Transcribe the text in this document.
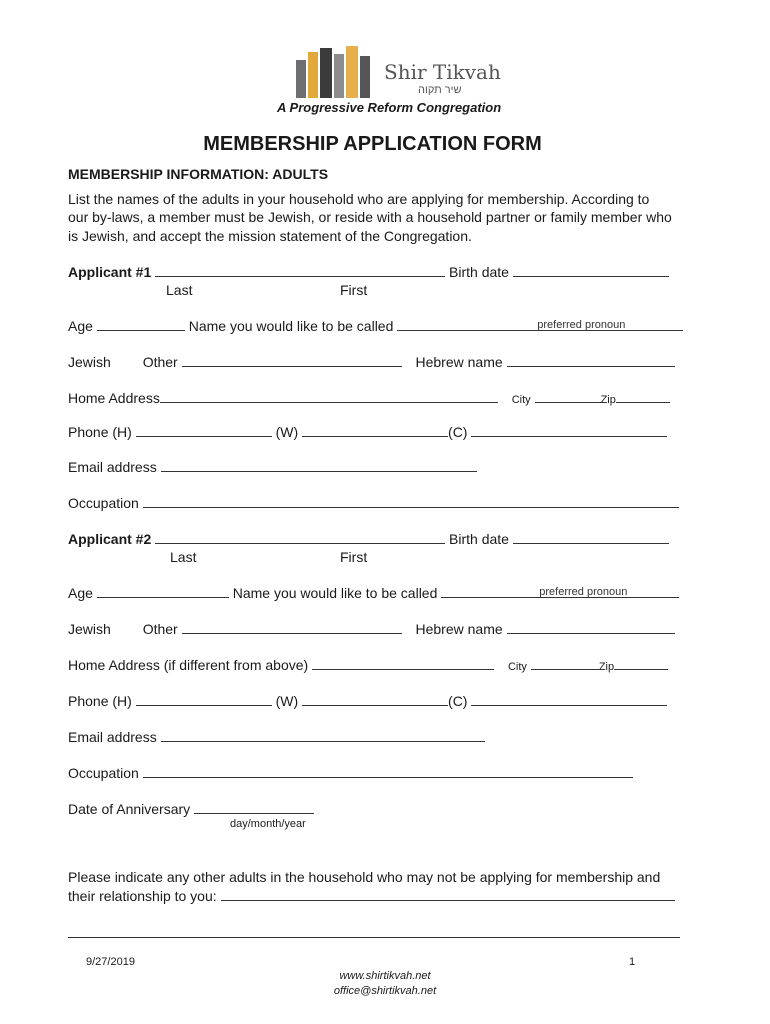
Shir Tikvah
שיר תקוה
A Progressive Reform Congregation
MEMBERSHIP APPLICATION FORM
MEMBERSHIP INFORMATION: ADULTS
List the names of the adults in your household who are applying for membership. According to
our by-laws, a member must be Jewish, or reside with a household partner or family member who
is Jewish, and accept the mission statement of the Congregation.
Applicant #1	Birth date
Last	First
Age	Name you would like to be called	preferred pronoun
Jewish Other	Hebrew name
Home Address	City	Zip
Phone (H)	(W)	(C)
Email address
Occupation
Applicant #2	Birth date
Last	First
Age	Name you would like to be called	preferred pronoun
Jewish Other	Hebrew name
Home Address (if different from above)	City	Zip
Phone (H)	(W)	(C)
Email address
Occupation
Date of Anniversary
day/month/year
Please indicate any other adults in the household who may not be applying for membership and
their relationship to you:
9/27/2019	1
www.shirtikvah.net
office@shirtikvah.net
